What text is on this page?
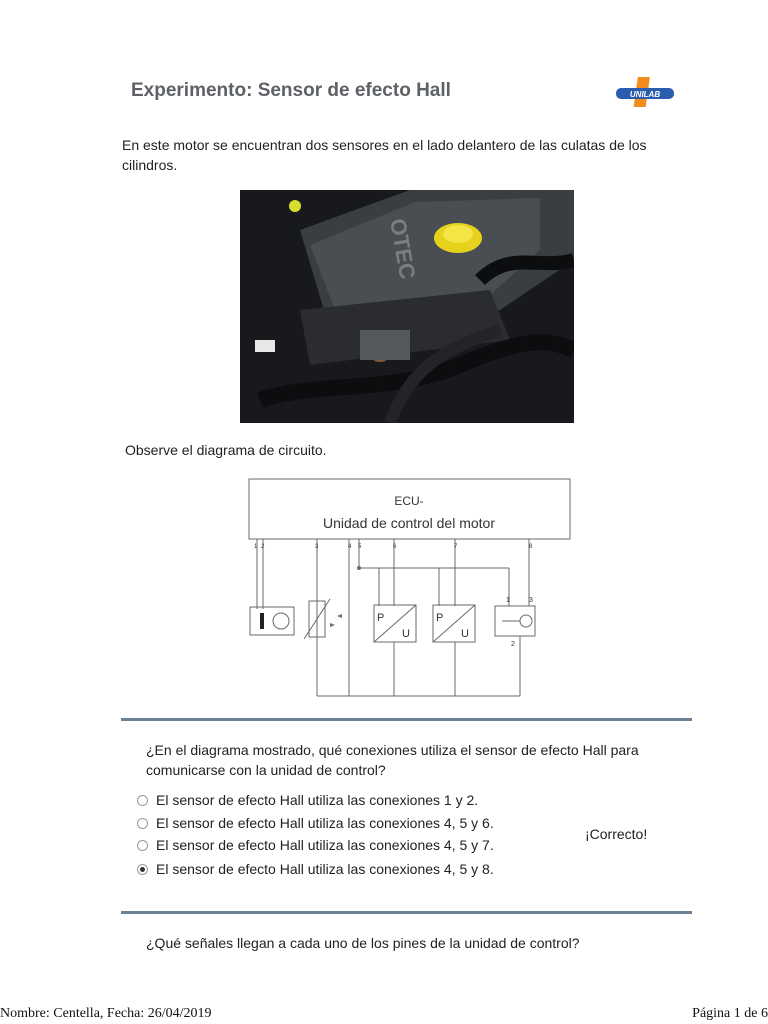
Experimento: Sensor de efecto Hall	UNILAB
En este motor se encuentran dos sensores en el lado delantero de las culatas de los cilindros.
OTEC
Observe el diagrama de circuito.
ECU-
Unidad de control del motor
1 2	3	4 5	6	7	8
1
2
3
P
U
P
U
¿En el diagrama mostrado, qué conexiones utiliza el sensor de efecto Hall para comunicarse con la unidad de control?
El sensor de efecto Hall utiliza las conexiones 1 y 2.
El sensor de efecto Hall utiliza las conexiones 4, 5 y 6.
El sensor de efecto Hall utiliza las conexiones 4, 5 y 7.
El sensor de efecto Hall utiliza las conexiones 4, 5 y 8.
¡Correcto!
¿Qué señales llegan a cada uno de los pines de la unidad de control?
Nombre: Centella, Fecha: 26/04/2019	Página 1 de 6
